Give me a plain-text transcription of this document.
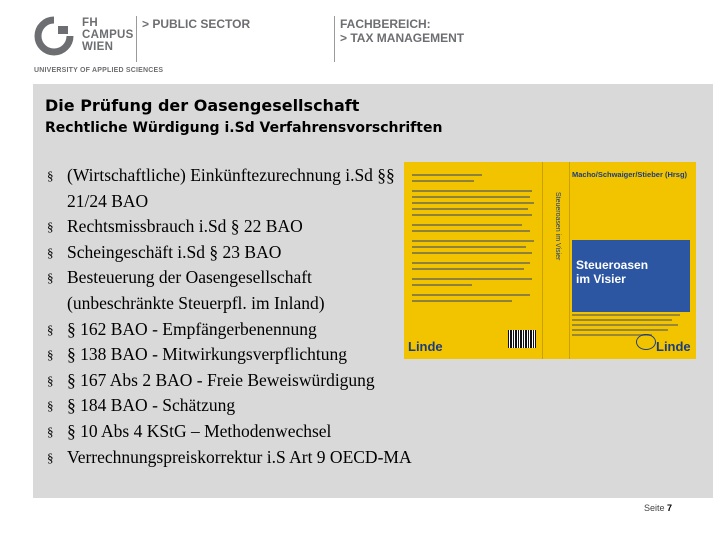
FH
CAMPUS
WIEN
> PUBLIC SECTOR	FACHBEREICH:
> TAX MANAGEMENT
UNIVERSITY OF APPLIED SCIENCES
Die Prüfung der Oasengesellschaft
Rechtliche Würdigung i.Sd Verfahrensvorschriften
§ (Wirtschaftliche) Einkünftezurechnung i.Sd §§ 21/24 BAO
§ Rechtsmissbrauch i.Sd § 22 BAO
§ Scheingeschäft i.Sd § 23 BAO
§ Besteuerung der Oasengesellschaft (unbeschränkte Steuerpfl. im Inland)
§ § 162 BAO - Empfängerbenennung
§ § 138 BAO - Mitwirkungsverpflichtung
§ § 167 Abs 2 BAO - Freie Beweiswürdigung
§ § 184 BAO - Schätzung
§ § 10 Abs 4 KStG – Methodenwechsel
§ Verrechnungspreiskorrektur i.S Art 9 OECD-MA
Steueroasen im Visier
Macho/Schwaiger/Stieber (Hrsg)
Steueroasen
im Visier
Linde	Linde
Seite 7
